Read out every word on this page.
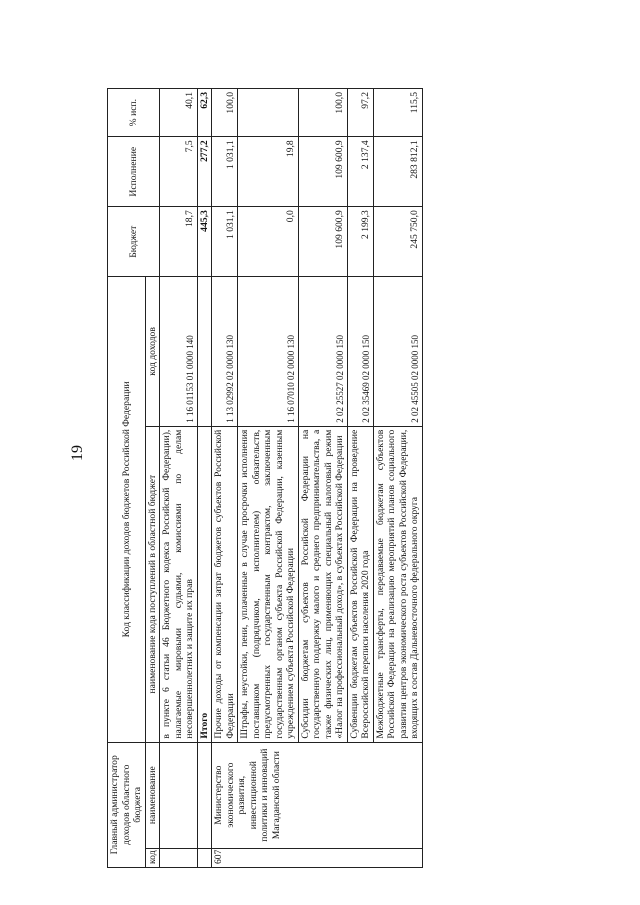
19
Главный администратор доходов областного бюджета		Код классификации доходов бюджетов Российской Федерации		Бюджет	Исполнение	% исп.
код	наименование	наименование кода поступлений в областной бюджет	код доходов			
		в пункте 6 статьи 46 Бюджетного кодекса Российской Федерации), налагаемые мировыми судьями, комиссиями по делам несовершеннолетних и защите их прав	1 16 01153 01 0000 140	18,7	7,5	40,1
		Итого		445,3	277,2	62,3
607	Министерство экономического развития, инвестиционной политики и инноваций Магаданской области	Прочие доходы от компенсации затрат бюджетов субъектов Российской Федерации	1 13 02992 02 0000 130	1 031,1	1 031,1	100,0
		Штрафы, неустойки, пени, уплаченные в случае просрочки исполнения поставщиком (подрядчиком, исполнителем) обязательств, предусмотренных государственным контрактом, заключенным государственным органом субъекта Российской Федерации, казенным учреждением субъекта Российской Федерации	1 16 07010 02 0000 130	0,0	19,8	
		Субсидии бюджетам субъектов Российской Федерации на государственную поддержку малого и среднего предпринимательства, а также физических лиц, применяющих специальный налоговый режим «Налог на профессиональный доход», в субъектах Российской Федерации	2 02 25527 02 0000 150	109 600,9	109 600,9	100,0
		Субвенции бюджетам субъектов Российской Федерации на проведение Всероссийской переписи населения 2020 года	2 02 35469 02 0000 150	2 199,3	2 137,4	97,2
		Межбюджетные трансферты, передаваемые бюджетам субъектов Российской Федерации на реализацию мероприятий планов социального развития центров экономического роста субъектов Российской Федерации, входящих в состав Дальневосточного федерального округа	2 02 45505 02 0000 150	245 750,0	283 812,1	115,5
